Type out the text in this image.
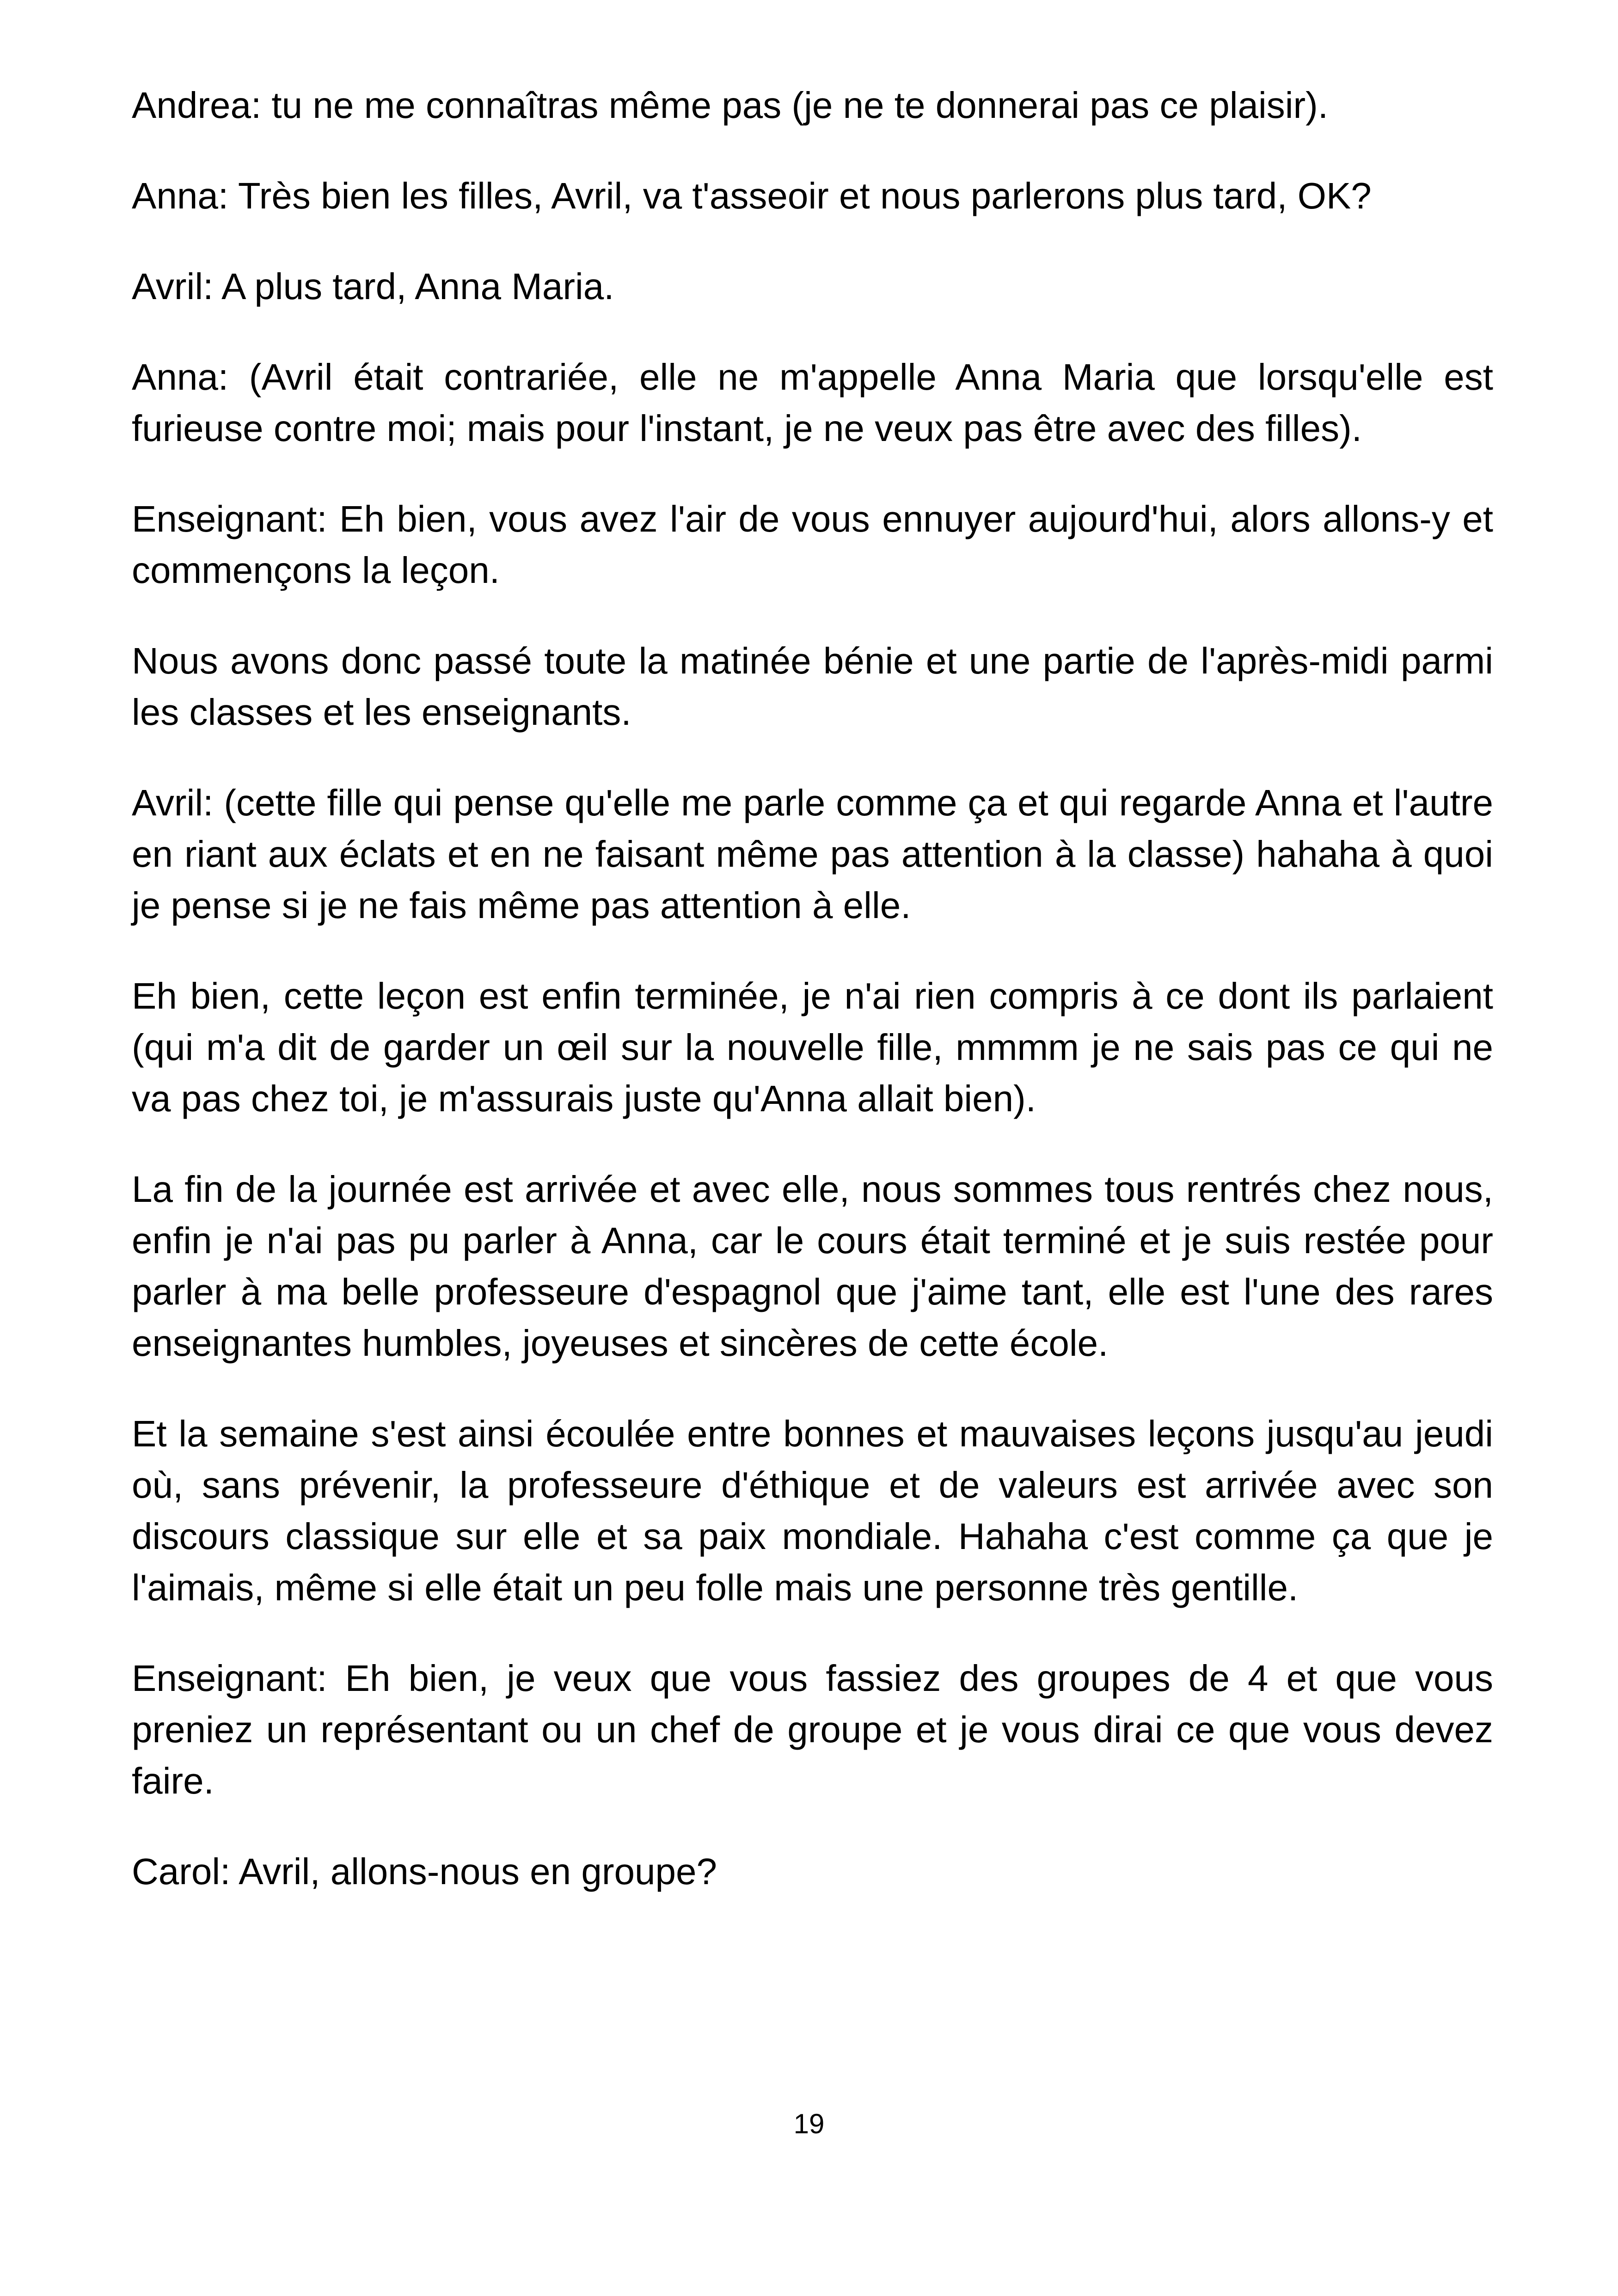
Andrea: tu ne me connaîtras même pas (je ne te donnerai pas ce plaisir).

Anna: Très bien les filles, Avril, va t'asseoir et nous parlerons plus tard, OK?

Avril: A plus tard, Anna Maria.

Anna: (Avril était contrariée, elle ne m'appelle Anna Maria que lorsqu'elle est furieuse contre moi; mais pour l'instant, je ne veux pas être avec des filles).

Enseignant: Eh bien, vous avez l'air de vous ennuyer aujourd'hui, alors allons-y et commençons la leçon.

Nous avons donc passé toute la matinée bénie et une partie de l'après-midi parmi les classes et les enseignants.

Avril: (cette fille qui pense qu'elle me parle comme ça et qui regarde Anna et l'autre en riant aux éclats et en ne faisant même pas attention à la classe) hahaha à quoi je pense si je ne fais même pas attention à elle.

Eh bien, cette leçon est enfin terminée, je n'ai rien compris à ce dont ils parlaient (qui m'a dit de garder un œil sur la nouvelle fille, mmmm je ne sais pas ce qui ne va pas chez toi, je m'assurais juste qu'Anna allait bien).

La fin de la journée est arrivée et avec elle, nous sommes tous rentrés chez nous, enfin je n'ai pas pu parler à Anna, car le cours était terminé et je suis restée pour parler à ma belle professeure d'espagnol que j'aime tant, elle est l'une des rares enseignantes humbles, joyeuses et sincères de cette école.

Et la semaine s'est ainsi écoulée entre bonnes et mauvaises leçons jusqu'au jeudi où, sans prévenir, la professeure d'éthique et de valeurs est arrivée avec son discours classique sur elle et sa paix mondiale. Hahaha c'est comme ça que je l'aimais, même si elle était un peu folle mais une personne très gentille.

Enseignant: Eh bien, je veux que vous fassiez des groupes de 4 et que vous preniez un représentant ou un chef de groupe et je vous dirai ce que vous devez faire.

Carol: Avril, allons-nous en groupe?

19
